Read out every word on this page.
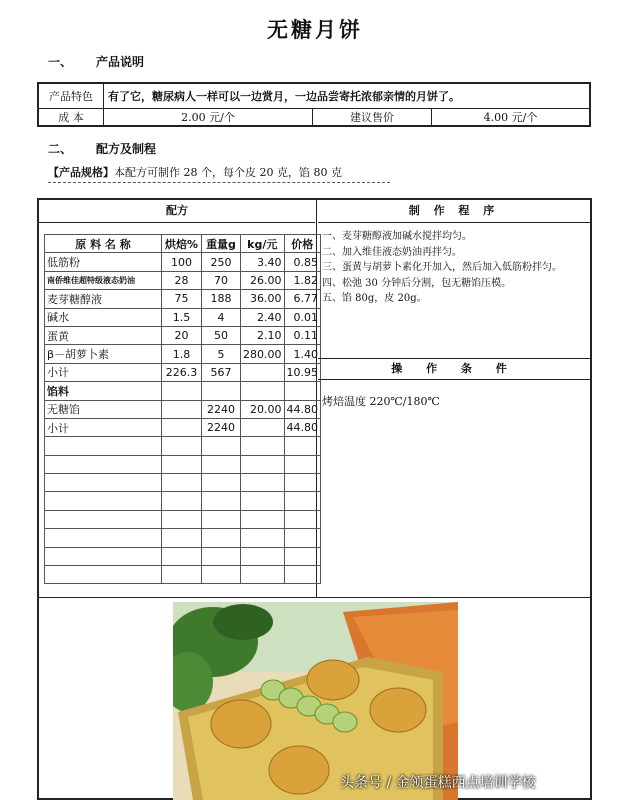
无糖月饼
一、 产品说明
产品特色	有了它，糖尿病人一样可以一边赏月，一边品尝寄托浓郁亲情的月饼了。		
成 本	2.00 元/个	建议售价	4.00 元/个
二、 配方及制程
【产品规格】本配方可制作 28 个，每个皮 20 克，馅 80 克
配方	制 作 程 序
原 料 名 称	烘焙%	重量g	kg/元	价格
低筋粉	100	250	3.40	0.85
南侨维佳超特级液态奶油	28	70	26.00	1.82
麦芽糖醇液	75	188	36.00	6.77
碱水	1.5	4	2.40	0.01
蛋黄	20	50	2.10	0.11
β－胡萝卜素	1.8	5	280.00	1.40
小计	226.3	567		10.95
馅料				
无糖馅		2240	20.00	44.80
小计		2240		44.80

一、麦芽糖醇液加碱水搅拌均匀。
二、加入维佳液态奶油再拌匀。
三、蛋黄与胡萝卜素化开加入，然后加入低筋粉拌匀。
四、松弛 30 分钟后分割，包无糖馅压模。
五、馅 80g，皮 20g。
操 作 条 件
烤焙温度 220℃/180℃
头条号 / 金领蛋糕西点培训学校
